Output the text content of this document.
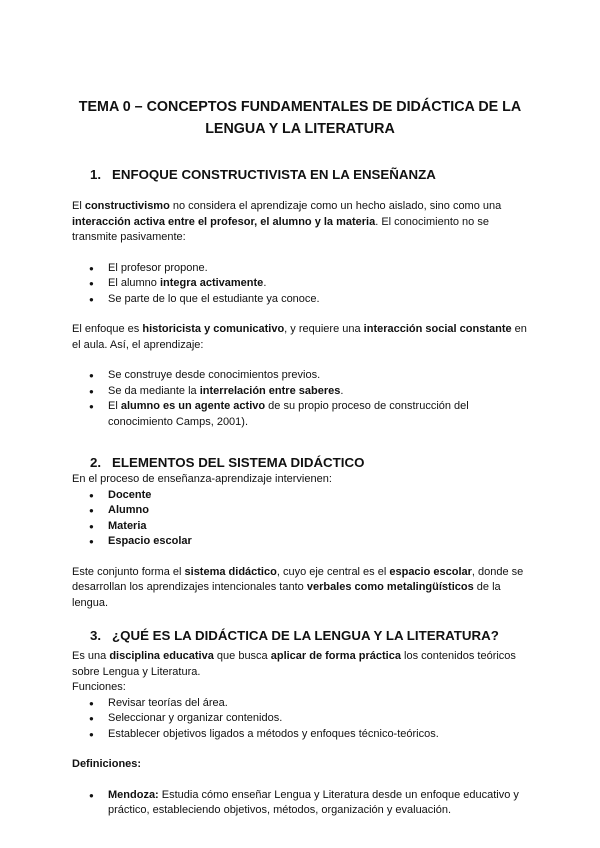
TEMA 0 – CONCEPTOS FUNDAMENTALES DE DIDÁCTICA DE LA LENGUA Y LA LITERATURA
1. ENFOQUE CONSTRUCTIVISTA EN LA ENSEÑANZA

El constructivismo no considera el aprendizaje como un hecho aislado, sino como una interacción activa entre el profesor, el alumno y la materia. El conocimiento no se transmite pasivamente:

● El profesor propone.
● El alumno integra activamente.
● Se parte de lo que el estudiante ya conoce.

El enfoque es historicista y comunicativo, y requiere una interacción social constante en el aula. Así, el aprendizaje:

● Se construye desde conocimientos previos.
● Se da mediante la interrelación entre saberes.
● El alumno es un agente activo de su propio proceso de construcción del conocimiento Camps, 2001).
2. ELEMENTOS DEL SISTEMA DIDÁCTICO

En el proceso de enseñanza-aprendizaje intervienen:

● Docente
● Alumno
● Materia
● Espacio escolar

Este conjunto forma el sistema didáctico, cuyo eje central es el espacio escolar, donde se desarrollan los aprendizajes intencionales tanto verbales como metalingüísticos de la lengua.

3. ¿QUÉ ES LA DIDÁCTICA DE LA LENGUA Y LA LITERATURA?

Es una disciplina educativa que busca aplicar de forma práctica los contenidos teóricos sobre Lengua y Literatura.

Funciones:

● Revisar teorías del área.
● Seleccionar y organizar contenidos.
● Establecer objetivos ligados a métodos y enfoques técnico-teóricos.

Definiciones:

● Mendoza: Estudia cómo enseñar Lengua y Literatura desde un enfoque educativo y práctico, estableciendo objetivos, métodos, organización y evaluación.
